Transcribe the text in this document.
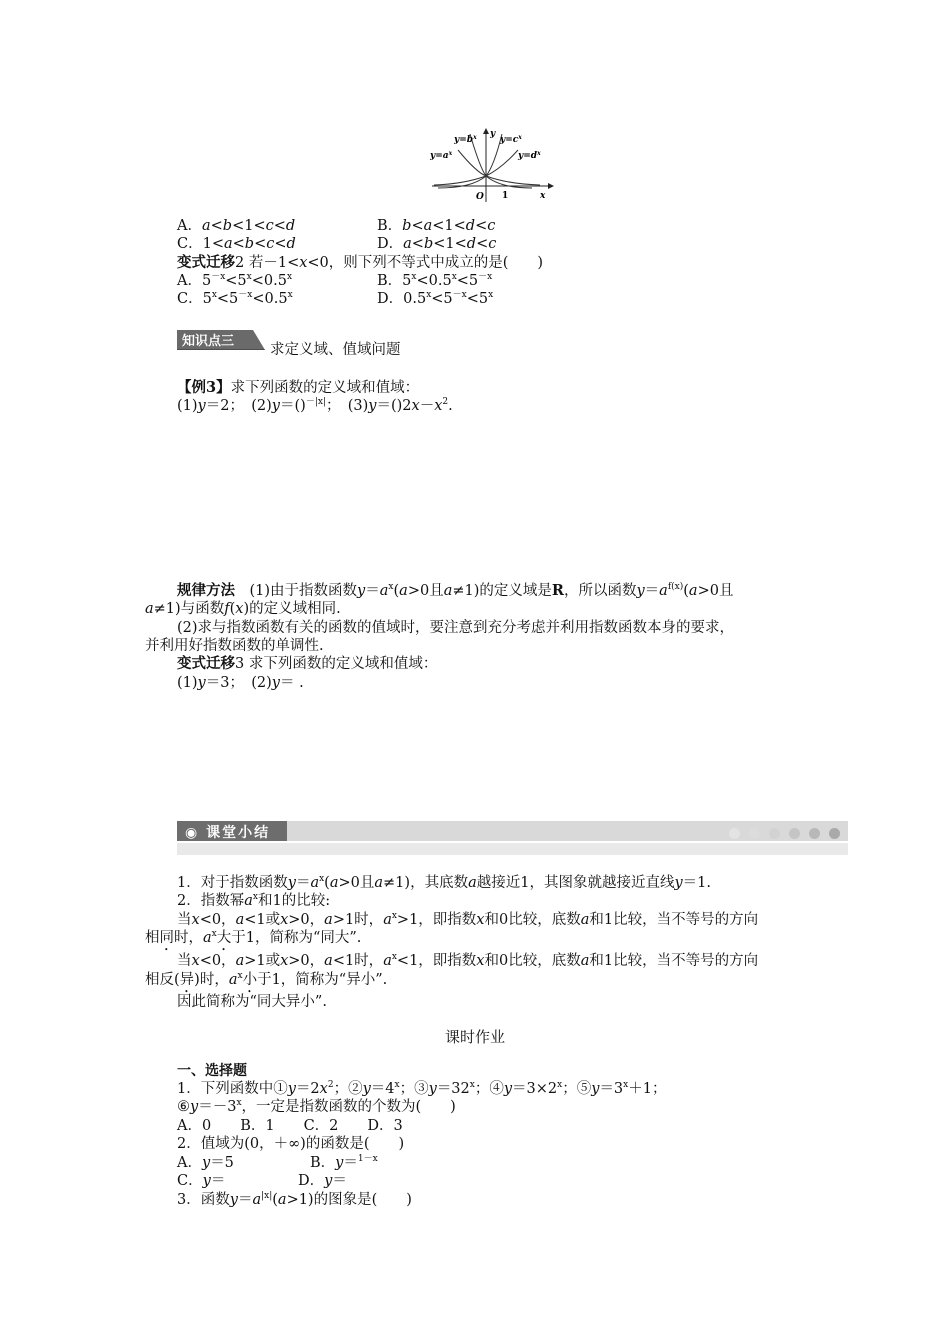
$y=b^x$	$y=c^x$
$y=a^x$	$y=d^x$
y
x
O 1
A．a<b<1<c<d	B．b<a<1<d<c
C．1<a<b<c<d	D．a<b<1<d<c
变式迁移2 若－1<x<0，则下列不等式中成立的是(　　)
A．$5^{-x}<5^x<0.5^x$	B．$5^x<0.5^x<5^{-x}$
C．$5^x<5^{-x}<0.5^x$	D．$0.5^x<5^{-x}<5^x$
知识点三
求定义域、值域问题
【例3】求下列函数的定义域和值域：
(1)y＝2；　 (2)y＝()$^{-|x|}$；　 $(3)y=()2x-x^2$.
规律方法　 (1)由于指数函数$y=a^x(a>0$且a≠1)的定义域是R，所以函数$y=a^{f(x)}(a>0$且
a≠1)与函数f(x)的定义域相同.
(2)求与指数函数有关的函数的值域时，要注意到充分考虑并利用指数函数本身的要求，
并利用好指数函数的单调性.
变式迁移3 求下列函数的定义域和值域：
(1)y＝3；　 (2)y＝ .
◉ 课堂小结
1．对于指数函数$y=a^x(a>0$且a≠1)，其底数a越接近1，其图象就越接近直线y＝1.
2．指数幂$a^x$和1的比较:
当x<0，a<1或x>0，a>1时，$a^x>1$，即指数x和0比较，底数a和1比较，当不等号的方向
相同时，$a^x$大于1，简称为“同大”.
当x<0，a>1或x>0，a<1时，$a^x<1$，即指数x和0比较，底数a和1比较，当不等号的方向
相反(异)时，$a^x$小于1，简称为“异小”.
因此简称为“同大异小”.
课时作业
一、选择题
1．下列函数中$①y=2x^2$；$②y=4^x$；$③y=32^x$；$④y=3\times 2^x$；$⑤y=3^x+1$；
$⑥y=-3^x$，一定是指数函数的个数为(　　)
A．0　　B．1　　C．2　　D．3
2．值域为(0，＋∞)的函数是(　　)
A．y＝5	B．y＝$^{1-x}$
C．y＝	D．y＝
3．函数$y=a^{|x|}(a>1)$的图象是(　　)
